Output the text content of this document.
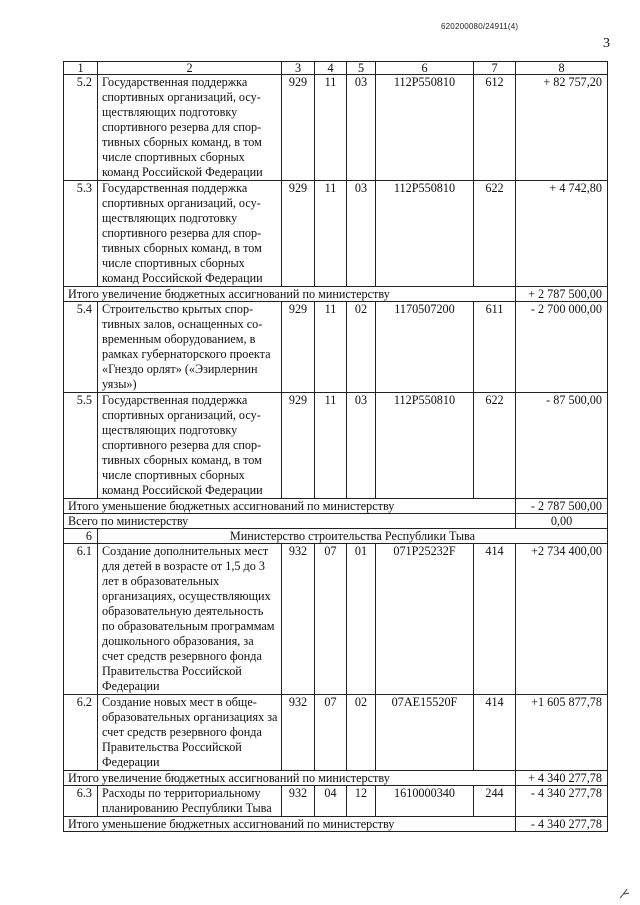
620200080/24911(4)
3
1	2	3	4	5	6	7	8
5.2	Государственная поддержка спортивных организаций, осуществляющих подготовку спортивного резерва для спортивных сборных команд, в том числе спортивных сборных команд Российской Федерации	929	11	03	112P550810	612	+ 82 757,20
5.3	Государственная поддержка спортивных организаций, осуществляющих подготовку спортивного резерва для спортивных сборных команд, в том числе спортивных сборных команд Российской Федерации	929	11	03	112P550810	622	+ 4 742,80
Итого увеличение бюджетных ассигнований по министерству							+ 2 787 500,00
5.4	Строительство крытых спортивных залов, оснащенных современным оборудованием, в рамках губернаторского проекта «Гнездо орлят» («Эзирлернин уязы»)	929	11	02	1170507200	611	- 2 700 000,00
5.5	Государственная поддержка спортивных организаций, осуществляющих подготовку спортивного резерва для спортивных сборных команд, в том числе спортивных сборных команд Российской Федерации	929	11	03	112P550810	622	- 87 500,00
Итого уменьшение бюджетных ассигнований по министерству							- 2 787 500,00
Всего по министерству							0,00
6	Министерство строительства Республики Тыва						
6.1	Создание дополнительных мест для детей в возрасте от 1,5 до 3 лет в образовательных организациях, осуществляющих образовательную деятельность по образовательным программам дошкольного образования, за счет средств резервного фонда Правительства Российской Федерации	932	07	01	071P25232F	414	+2 734 400,00
6.2	Создание новых мест в общеобразовательных организациях за счет средств резервного фонда Правительства Российской Федерации	932	07	02	07AE15520F	414	+1 605 877,78
Итого увеличение бюджетных ассигнований по министерству							+ 4 340 277,78
6.3	Расходы по территориальному планированию Республики Тыва	932	04	12	1610000340	244	- 4 340 277,78
Итого уменьшение бюджетных ассигнований по министерству							- 4 340 277,78
